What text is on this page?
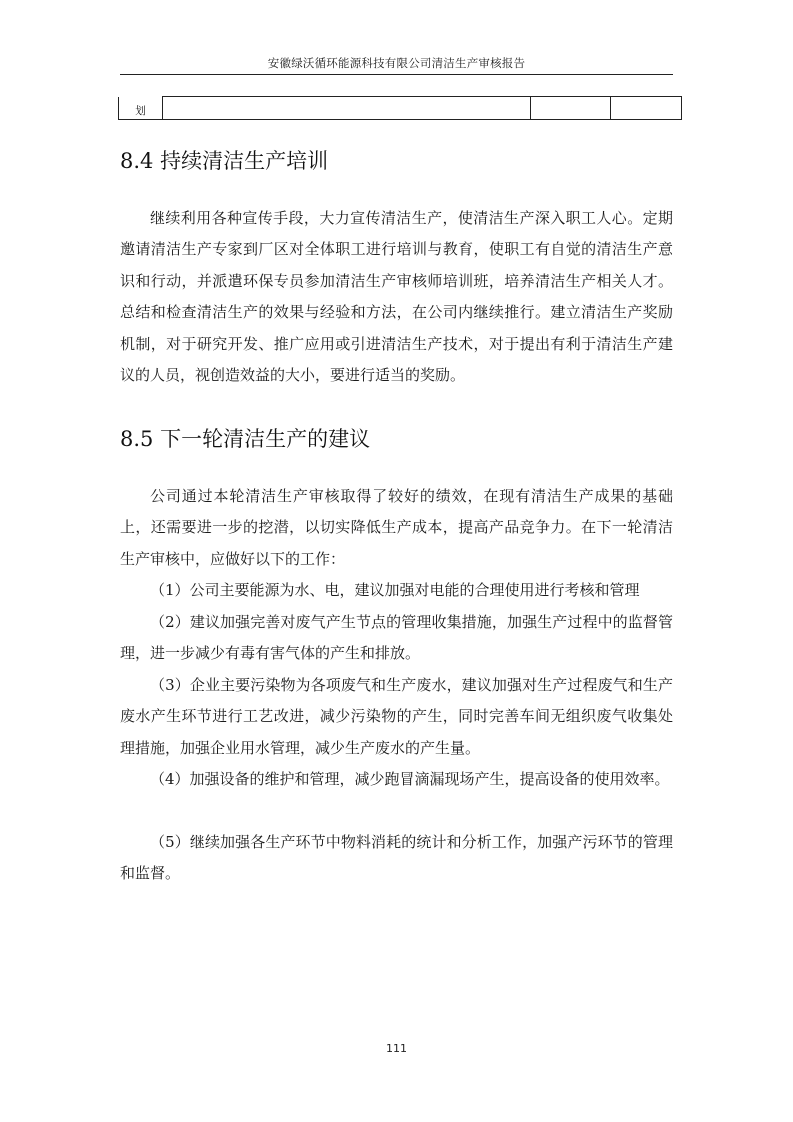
安徽绿沃循环能源科技有限公司清洁生产审核报告
划			
8.4 持续清洁生产培训

继续利用各种宣传手段，大力宣传清洁生产，使清洁生产深入职工人心。定期邀请清洁生产专家到厂区对全体职工进行培训与教育，使职工有自觉的清洁生产意识和行动，并派遣环保专员参加清洁生产审核师培训班，培养清洁生产相关人才。总结和检查清洁生产的效果与经验和方法，在公司内继续推行。建立清洁生产奖励机制，对于研究开发、推广应用或引进清洁生产技术，对于提出有利于清洁生产建议的人员，视创造效益的大小，要进行适当的奖励。

8.5 下一轮清洁生产的建议

公司通过本轮清洁生产审核取得了较好的绩效，在现有清洁生产成果的基础上，还需要进一步的挖潜，以切实降低生产成本，提高产品竞争力。在下一轮清洁生产审核中，应做好以下的工作：

（1）公司主要能源为水、电，建议加强对电能的合理使用进行考核和管理

（2）建议加强完善对废气产生节点的管理收集措施，加强生产过程中的监督管理，进一步减少有毒有害气体的产生和排放。

（3）企业主要污染物为各项废气和生产废水，建议加强对生产过程废气和生产废水产生环节进行工艺改进，减少污染物的产生，同时完善车间无组织废气收集处理措施，加强企业用水管理，减少生产废水的产生量。

（4）加强设备的维护和管理，减少跑冒滴漏现场产生，提高设备的使用效率。

（5）继续加强各生产环节中物料消耗的统计和分析工作，加强产污环节的管理和监督。

111
